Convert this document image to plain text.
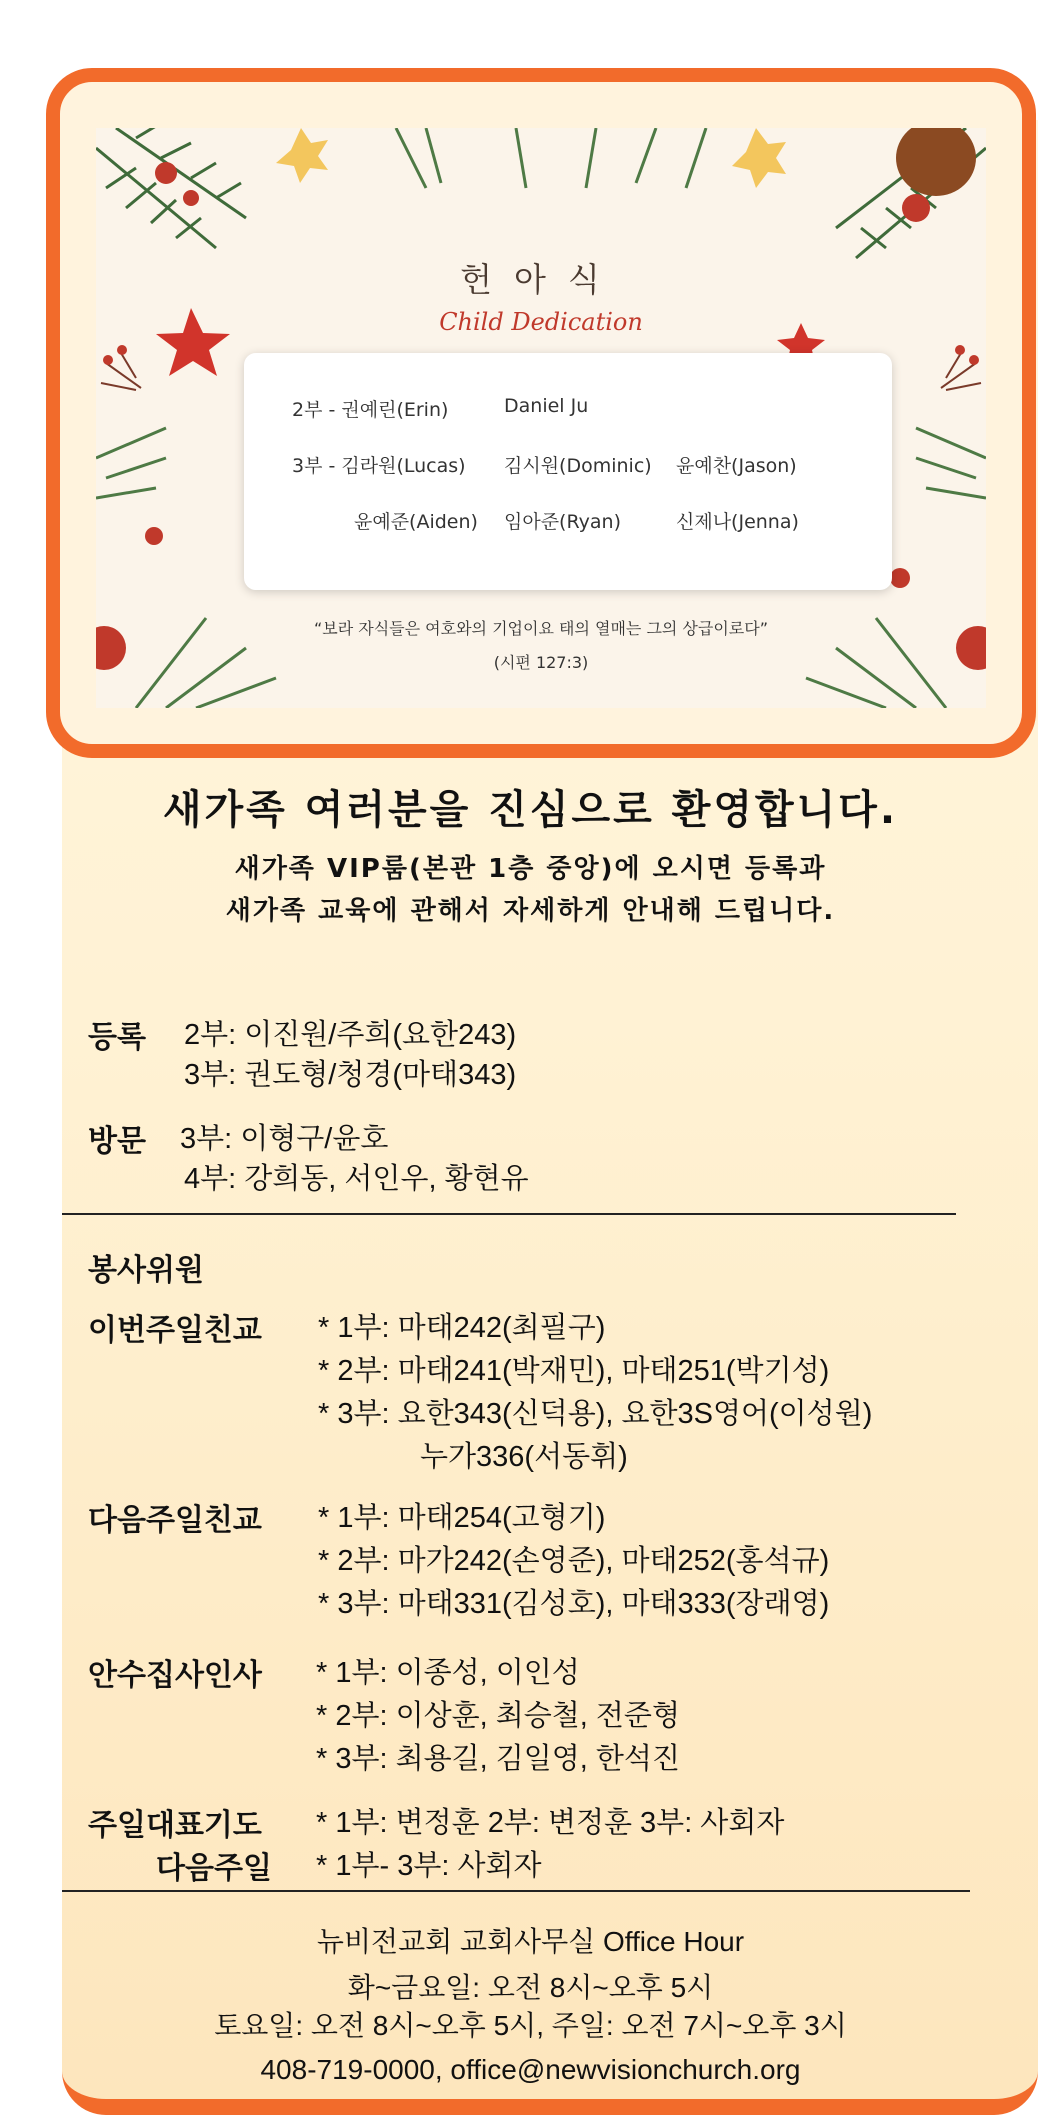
헌아식
Child Dedication
2부 - 권예린(Erin)	Daniel Ju
3부 - 김라원(Lucas) 김시원(Dominic) 윤예찬(Jason)
윤예준(Aiden) 임아준(Ryan)	신제나(Jenna)
“보라 자식들은 여호와의 기업이요 태의 열매는 그의 상급이로다”
(시편 127:3)
새가족 여러분을 진심으로 환영합니다.
새가족 VIP룸(본관 1층 중앙)에 오시면 등록과
새가족 교육에 관해서 자세하게 안내해 드립니다.
등록 2부: 이진원/주희(요한243)
3부: 권도형/청경(마태343)
방문 3부: 이형구/윤호
4부: 강희동, 서인우, 황현유
봉사위원
이번주일친교 * 1부: 마태242(최필구)
* 2부: 마태241(박재민), 마태251(박기성)
* 3부: 요한343(신덕용), 요한3S영어(이성원)
누가336(서동휘)
다음주일친교 * 1부: 마태254(고형기)
* 2부: 마가242(손영준), 마태252(홍석규)
* 3부: 마태331(김성호), 마태333(장래영)
안수집사인사 * 1부: 이종성, 이인성
* 2부: 이상훈, 최승철, 전준형
* 3부: 최용길, 김일영, 한석진
주일대표기도
다음주일
* 1부: 변정훈 2부: 변정훈 3부: 사회자
* 1부- 3부: 사회자
뉴비전교회 교회사무실 Office Hour
화~금요일: 오전 8시~오후 5시
토요일: 오전 8시~오후 5시, 주일: 오전 7시~오후 3시
408-719-0000, office@newvisionchurch.org
